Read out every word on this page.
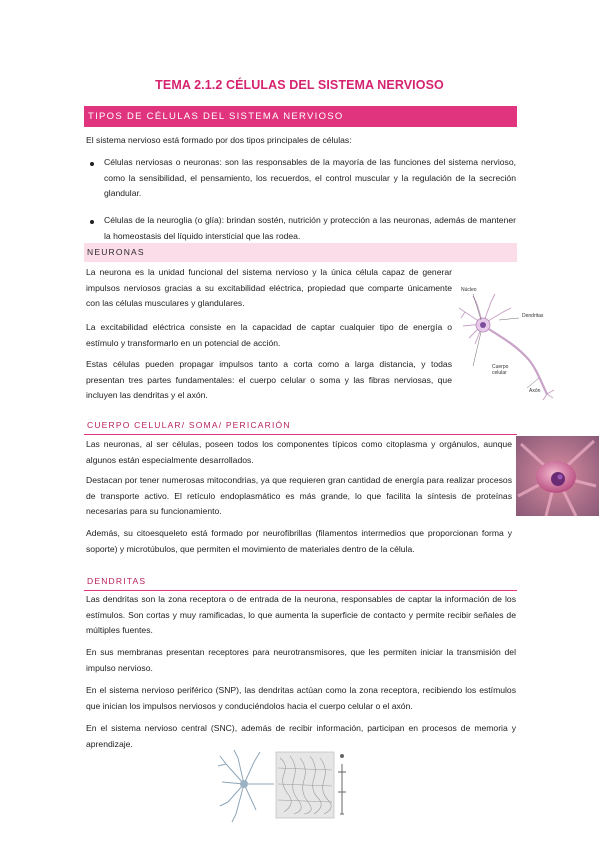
TEMA 2.1.2 CÉLULAS DEL SISTEMA NERVIOSO
TIPOS DE CÉLULAS DEL SISTEMA NERVIOSO
El sistema nervioso está formado por dos tipos principales de células:
Células nerviosas o neuronas: son las responsables de la mayoría de las funciones del sistema nervioso, como la sensibilidad, el pensamiento, los recuerdos, el control muscular y la regulación de la secreción glandular.
Células de la neuroglia (o glía): brindan sostén, nutrición y protección a las neuronas, además de mantener la homeostasis del líquido intersticial que las rodea.
NEURONAS
La neurona es la unidad funcional del sistema nervioso y la única célula capaz de generar impulsos nerviosos gracias a su excitabilidad eléctrica, propiedad que comparte únicamente con las células musculares y glandulares.
La excitabilidad eléctrica consiste en la capacidad de captar cualquier tipo de energía o estímulo y transformarlo en un potencial de acción.
Estas células pueden propagar impulsos tanto a corta como a larga distancia, y todas presentan tres partes fundamentales: el cuerpo celular o soma y las fibras nerviosas, que incluyen las dendritas y el axón.
Núcleo
Dendritas
Cuerpo celular
Axón
CUERPO CELULAR/ SOMA/ PERICARIÓN
Las neuronas, al ser células, poseen todos los componentes típicos como citoplasma y orgánulos, aunque algunos están especialmente desarrollados.
Destacan por tener numerosas mitocondrias, ya que requieren gran cantidad de energía para realizar procesos de transporte activo. El retículo endoplasmático es más grande, lo que facilita la síntesis de proteínas necesarias para su funcionamiento.
Además, su citoesqueleto está formado por neurofibrillas (filamentos intermedios que proporcionan forma y soporte) y microtúbulos, que permiten el movimiento de materiales dentro de la célula.
DENDRITAS
Las dendritas son la zona receptora o de entrada de la neurona, responsables de captar la información de los estímulos. Son cortas y muy ramificadas, lo que aumenta la superficie de contacto y permite recibir señales de múltiples fuentes.
En sus membranas presentan receptores para neurotransmisores, que les permiten iniciar la transmisión del impulso nervioso.
En el sistema nervioso periférico (SNP), las dendritas actúan como la zona receptora, recibiendo los estímulos que inician los impulsos nerviosos y conduciéndolos hacia el cuerpo celular o el axón.
En el sistema nervioso central (SNC), además de recibir información, participan en procesos de memoria y aprendizaje.
